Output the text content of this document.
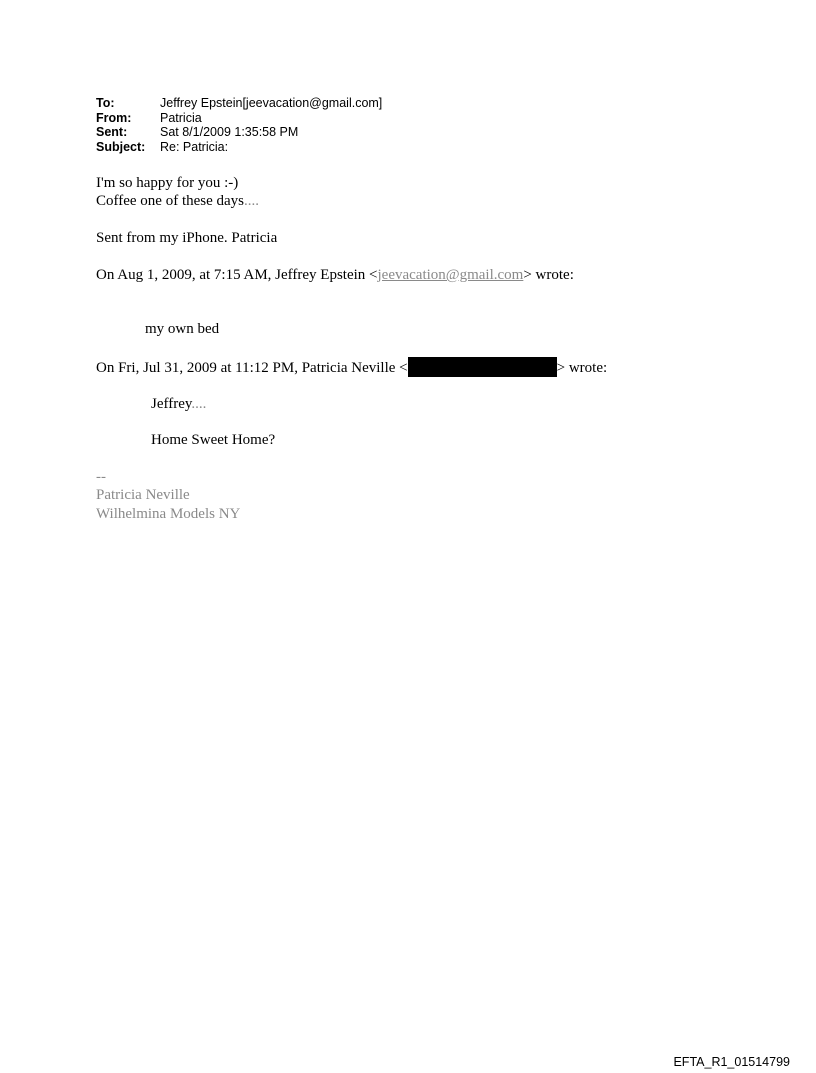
To:	Jeffrey Epstein[jeevacation@gmail.com]
From:	Patricia
Sent:	Sat 8/1/2009 1:35:58 PM
Subject:	Re: Patricia:
I'm so happy for you :-)
Coffee one of these days....
Sent from my iPhone. Patricia
On Aug 1, 2009, at 7:15 AM, Jeffrey Epstein <jeevacation@gmail.com> wrote:
my own bed
On Fri, Jul 31, 2009 at 11:12 PM, Patricia Neville <	> wrote:
Jeffrey....
Home Sweet Home?
--
Patricia Neville
Wilhelmina Models NY
EFTA_R1_01514799
